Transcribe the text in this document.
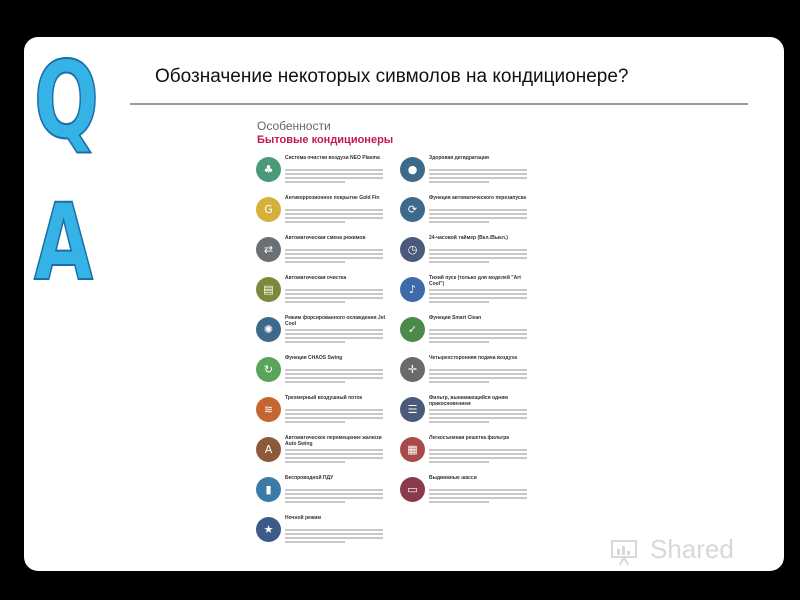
Q
A
Обозначение некоторых сивмолов на кондиционере?
Особенности
Бытовые кондиционеры
♣
Система очистки воздуха NEO Plasma
G
Антикоррозионное покрытие Gold Fin
⇄
Автоматическая смена режимов
▤
Автоматическая очистка
✺
Режим форсированного охлаждения Jet Cool
↻
Функция CHAOS Swing
≋
Трехмерный воздушный поток
A
Автоматическое перемещение жалюзи Auto Swing
▮
Беспроводной ПДУ
★
Ночной режим
●
Здоровая дегидратация
⟳
Функция автоматического перезапуска
◷
24-часовой таймер (Вкл./Выкл.)
♪
Тихий пуск (только для моделей "Art Cool")
✓
Функция Smart Clean
✛
Четырехсторонняя подача воздуха
☰
Фильтр, вынимающийся одним прикосновением
▦
Легкосъемная решетка фильтра
▭
Выдвижные шасси
Shared
